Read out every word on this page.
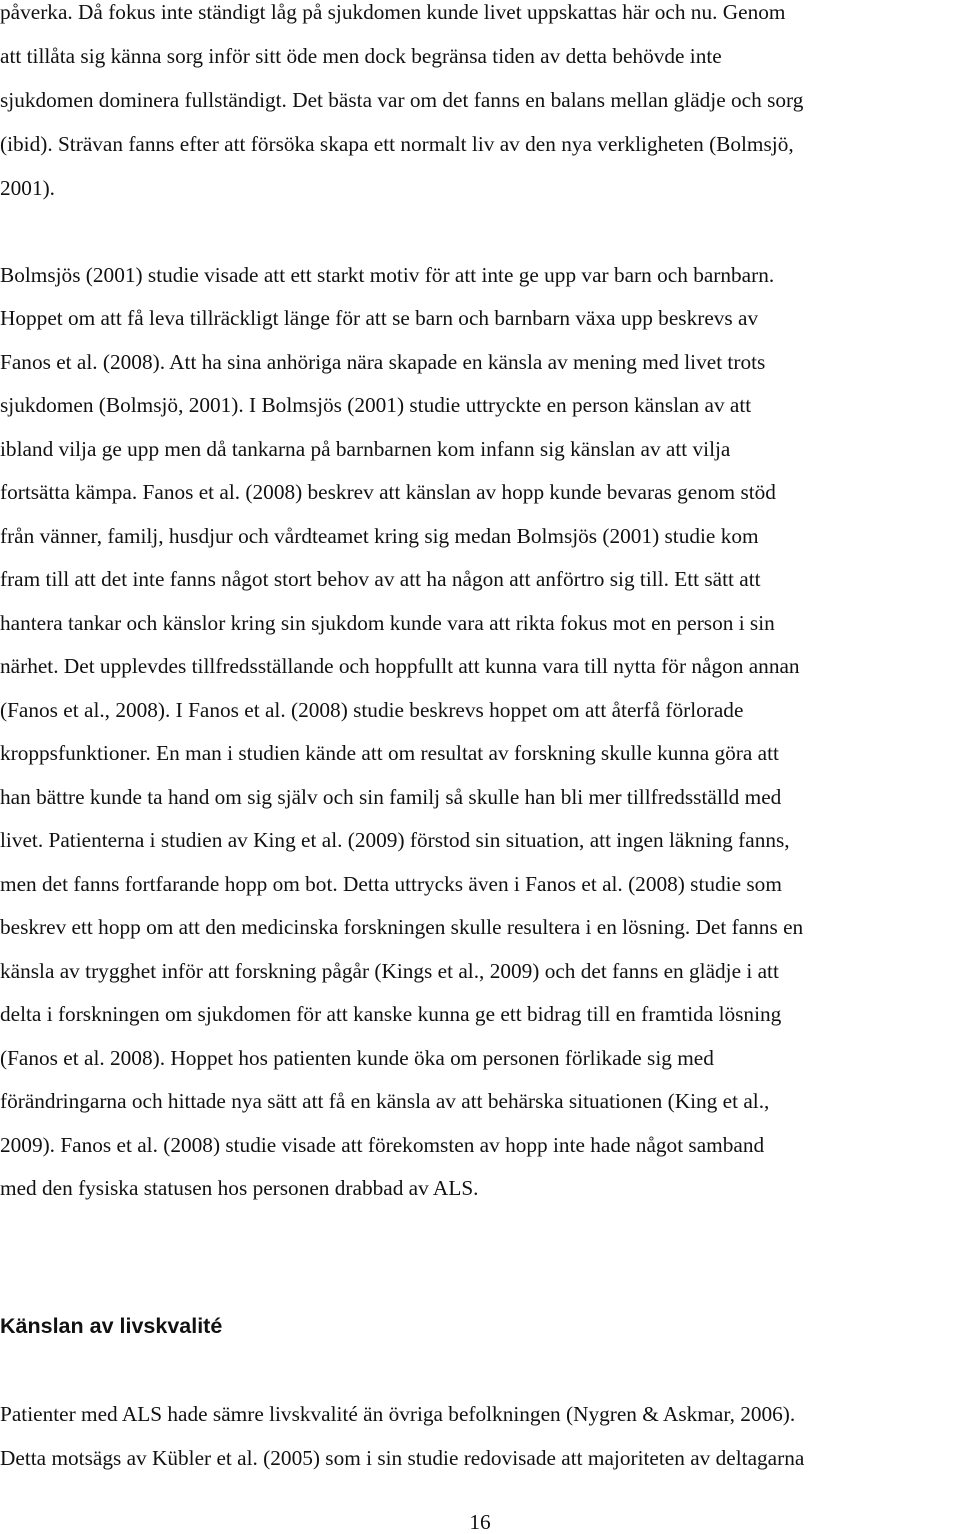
påverka. Då fokus inte ständigt låg på sjukdomen kunde livet uppskattas här och nu. Genom
att tillåta sig känna sorg inför sitt öde men dock begränsa tiden av detta behövde inte
sjukdomen dominera fullständigt. Det bästa var om det fanns en balans mellan glädje och sorg
(ibid). Strävan fanns efter att försöka skapa ett normalt liv av den nya verkligheten (Bolmsjö,
2001).
Bolmsjös (2001) studie visade att ett starkt motiv för att inte ge upp var barn och barnbarn.
Hoppet om att få leva tillräckligt länge för att se barn och barnbarn växa upp beskrevs av
Fanos et al. (2008). Att ha sina anhöriga nära skapade en känsla av mening med livet trots
sjukdomen (Bolmsjö, 2001). I Bolmsjös (2001) studie uttryckte en person känslan av att
ibland vilja ge upp men då tankarna på barnbarnen kom infann sig känslan av att vilja
fortsätta kämpa. Fanos et al. (2008) beskrev att känslan av hopp kunde bevaras genom stöd
från vänner, familj, husdjur och vårdteamet kring sig medan Bolmsjös (2001) studie kom
fram till att det inte fanns något stort behov av att ha någon att anförtro sig till. Ett sätt att
hantera tankar och känslor kring sin sjukdom kunde vara att rikta fokus mot en person i sin
närhet. Det upplevdes tillfredsställande och hoppfullt att kunna vara till nytta för någon annan
(Fanos et al., 2008). I Fanos et al. (2008) studie beskrevs hoppet om att återfå förlorade
kroppsfunktioner. En man i studien kände att om resultat av forskning skulle kunna göra att
han bättre kunde ta hand om sig själv och sin familj så skulle han bli mer tillfredsställd med
livet. Patienterna i studien av King et al. (2009) förstod sin situation, att ingen läkning fanns,
men det fanns fortfarande hopp om bot. Detta uttrycks även i Fanos et al. (2008) studie som
beskrev ett hopp om att den medicinska forskningen skulle resultera i en lösning. Det fanns en
känsla av trygghet inför att forskning pågår (Kings et al., 2009) och det fanns en glädje i att
delta i forskningen om sjukdomen för att kanske kunna ge ett bidrag till en framtida lösning
(Fanos et al. 2008). Hoppet hos patienten kunde öka om personen förlikade sig med
förändringarna och hittade nya sätt att få en känsla av att behärska situationen (King et al.,
2009). Fanos et al. (2008) studie visade att förekomsten av hopp inte hade något samband
med den fysiska statusen hos personen drabbad av ALS.
Känslan av livskvalité
Patienter med ALS hade sämre livskvalité än övriga befolkningen (Nygren & Askmar, 2006).
Detta motsägs av Kübler et al. (2005) som i sin studie redovisade att majoriteten av deltagarna
16
